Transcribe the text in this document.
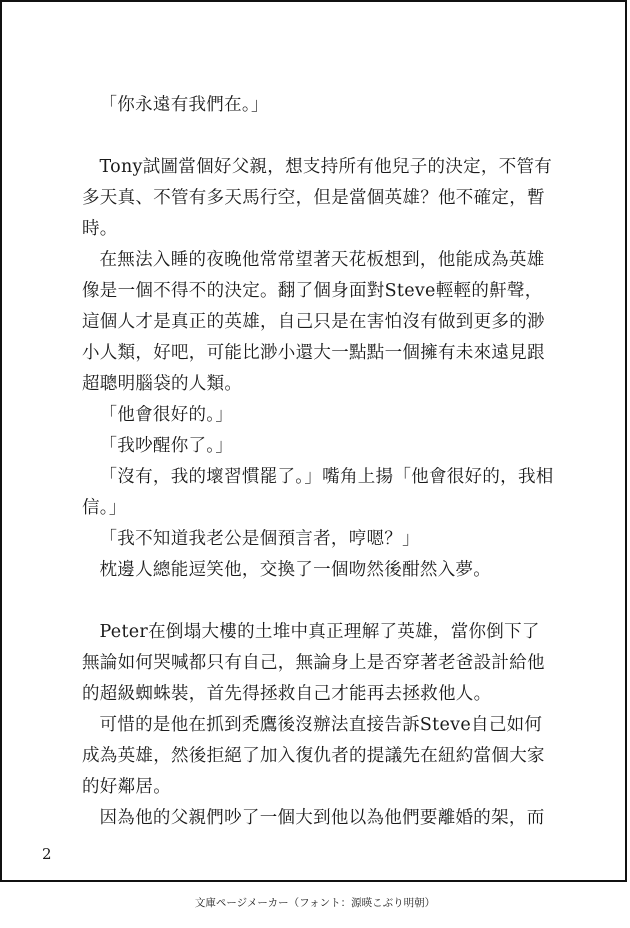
「你永遠有我們在。」

Tony試圖當個好父親，想支持所有他兒子的決定，不管有多天真、不管有多天馬行空，但是當個英雄？他不確定，暫時。

在無法入睡的夜晚他常常望著天花板想到，他能成為英雄像是一個不得不的決定。翻了個身面對Steve輕輕的鼾聲，這個人才是真正的英雄，自己只是在害怕沒有做到更多的渺小人類，好吧，可能比渺小還大一點點一個擁有未來遠見跟超聰明腦袋的人類。

「他會很好的。」

「我吵醒你了。」

「沒有，我的壞習慣罷了。」嘴角上揚「他會很好的，我相信。」

「我不知道我老公是個預言者，哼嗯？」

枕邊人總能逗笑他，交換了一個吻然後酣然入夢。

Peter在倒塌大樓的土堆中真正理解了英雄，當你倒下了無論如何哭喊都只有自己，無論身上是否穿著老爸設計給他的超級蜘蛛裝，首先得拯救自己才能再去拯救他人。

可惜的是他在抓到禿鷹後沒辦法直接告訴Steve自己如何成為英雄，然後拒絕了加入復仇者的提議先在紐約當個大家的好鄰居。

因為他的父親們吵了一個大到他以為他們要離婚的架，而

2
文庫ページメーカー（フォント：源暎こぶり明朝）
